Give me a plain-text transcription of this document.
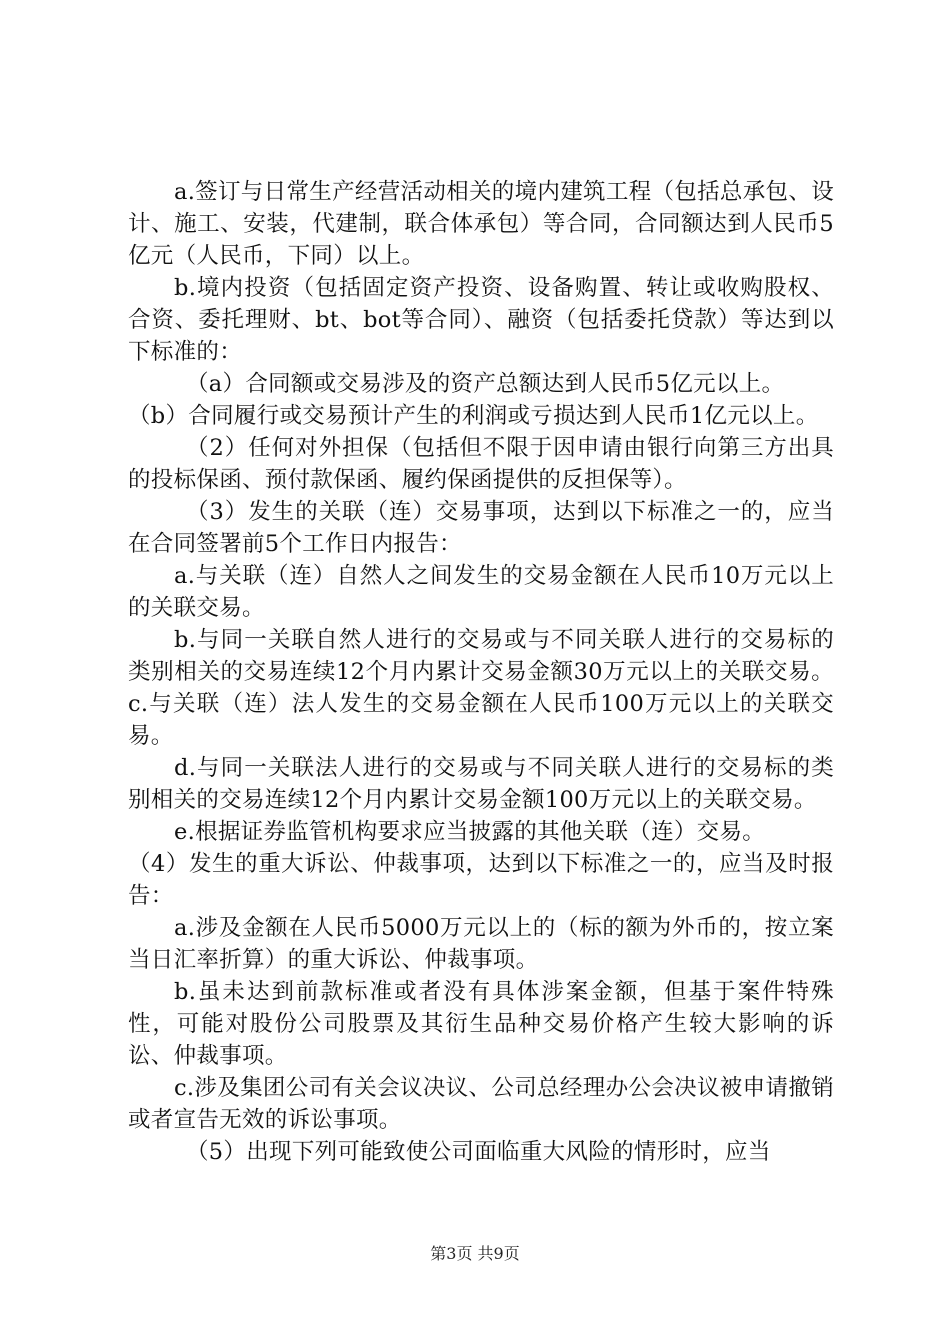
a.签订与日常生产经营活动相关的境内建筑工程（包括总承包、设计、施工、安装，代建制，联合体承包）等合同，合同额达到人民币5亿元（人民币，下同）以上。

b.境内投资（包括固定资产投资、设备购置、转让或收购股权、合资、委托理财、bt、bot等合同）、融资（包括委托贷款）等达到以下标准的：

（a）合同额或交易涉及的资产总额达到人民币5亿元以上。

（b）合同履行或交易预计产生的利润或亏损达到人民币1亿元以上。

（2）任何对外担保（包括但不限于因申请由银行向第三方出具的投标保函、预付款保函、履约保函提供的反担保等）。

（3）发生的关联（连）交易事项，达到以下标准之一的，应当在合同签署前5个工作日内报告：

a.与关联（连）自然人之间发生的交易金额在人民币10万元以上的关联交易。

b.与同一关联自然人进行的交易或与不同关联人进行的交易标的类别相关的交易连续12个月内累计交易金额30万元以上的关联交易。c.与关联（连）法人发生的交易金额在人民币100万元以上的关联交易。

d.与同一关联法人进行的交易或与不同关联人进行的交易标的类别相关的交易连续12个月内累计交易金额100万元以上的关联交易。

e.根据证券监管机构要求应当披露的其他关联（连）交易。

（4）发生的重大诉讼、仲裁事项，达到以下标准之一的，应当及时报告：

a.涉及金额在人民币5000万元以上的（标的额为外币的，按立案当日汇率折算）的重大诉讼、仲裁事项。

b.虽未达到前款标准或者没有具体涉案金额，但基于案件特殊性，可能对股份公司股票及其衍生品种交易价格产生较大影响的诉讼、仲裁事项。

c.涉及集团公司有关会议决议、公司总经理办公会决议被申请撤销或者宣告无效的诉讼事项。

（5）出现下列可能致使公司面临重大风险的情形时，应当

第3页 共9页
